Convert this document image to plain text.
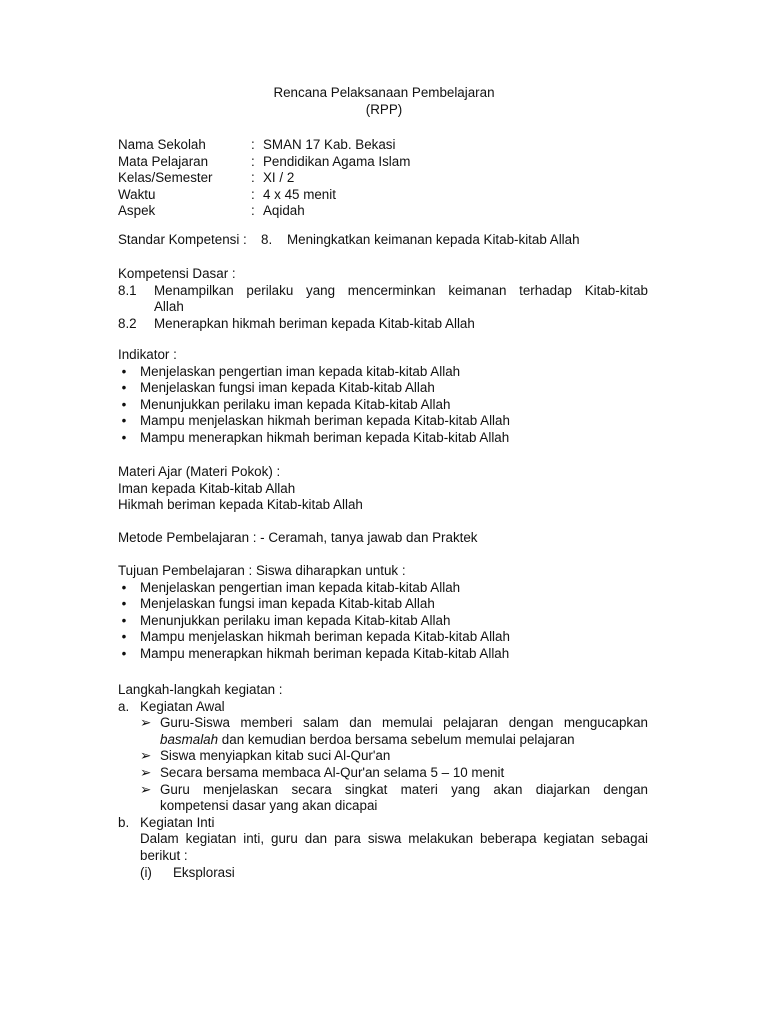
Rencana Pelaksanaan Pembelajaran
(RPP)
Nama Sekolah	: SMAN 17 Kab. Bekasi
Mata Pelajaran	: Pendidikan Agama Islam
Kelas/Semester	: XI / 2
Waktu	: 4 x 45 menit
Aspek	: Aqidah
Standar Kompetensi : 8. Meningkatkan keimanan kepada Kitab-kitab Allah
Kompetensi Dasar :
8.1 Menampilkan perilaku yang mencerminkan keimanan terhadap Kitab-kitab
Allah
8.2 Menerapkan hikmah beriman kepada Kitab-kitab Allah
Indikator :
• Menjelaskan pengertian iman kepada kitab-kitab Allah
• Menjelaskan fungsi iman kepada Kitab-kitab Allah
• Menunjukkan perilaku iman kepada Kitab-kitab Allah
• Mampu menjelaskan hikmah beriman kepada Kitab-kitab Allah
• Mampu menerapkan hikmah beriman kepada Kitab-kitab Allah
Materi Ajar (Materi Pokok) :
Iman kepada Kitab-kitab Allah
Hikmah beriman kepada Kitab-kitab Allah
Metode Pembelajaran : - Ceramah, tanya jawab dan Praktek
Tujuan Pembelajaran : Siswa diharapkan untuk :
• Menjelaskan pengertian iman kepada kitab-kitab Allah
• Menjelaskan fungsi iman kepada Kitab-kitab Allah
• Menunjukkan perilaku iman kepada Kitab-kitab Allah
• Mampu menjelaskan hikmah beriman kepada Kitab-kitab Allah
• Mampu menerapkan hikmah beriman kepada Kitab-kitab Allah
Langkah-langkah kegiatan :
a. Kegiatan Awal
➢ Guru-Siswa memberi salam dan memulai pelajaran dengan mengucapkan
basmalah dan kemudian berdoa bersama sebelum memulai pelajaran
➢ Siswa menyiapkan kitab suci Al-Qur'an
➢ Secara bersama membaca Al-Qur'an selama 5 – 10 menit
➢ Guru menjelaskan secara singkat materi yang akan diajarkan dengan
kompetensi dasar yang akan dicapai
b. Kegiatan Inti
Dalam kegiatan inti, guru dan para siswa melakukan beberapa kegiatan sebagai
berikut :
(i) Eksplorasi
